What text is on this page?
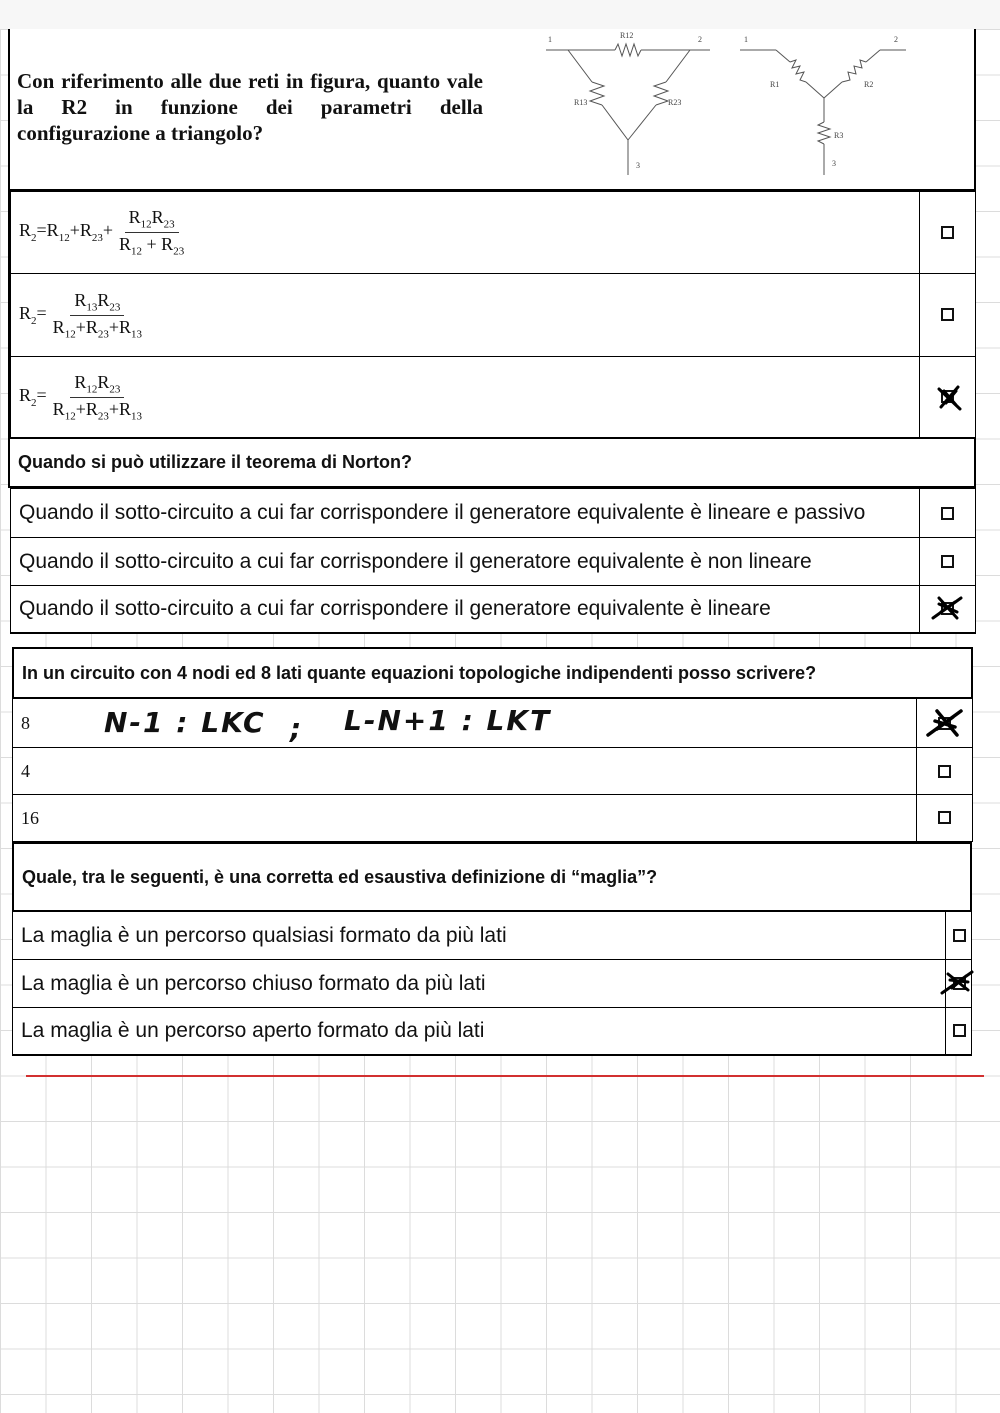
Con riferimento alle due reti in figura, quanto vale la R2 in funzione dei parametri della configurazione a triangolo?
1	2
3
R12
R13	R23
1	2
3
R1	R2
R3
$R_2=R_{12}+R_{23}+ \frac{R_{12}R_{23}}{R_{12} + R_{23}}$
$R_2= \frac{R_{13}R_{23}}{R_{12}+R_{23}+R_{13}}$
$R_2= \frac{R_{12}R_{23}}{R_{12}+R_{23}+R_{13}}$
Quando si può utilizzare il teorema di Norton?
Quando il sotto-circuito a cui far corrispondere il generatore equivalente è lineare e passivo
Quando il sotto-circuito a cui far corrispondere il generatore equivalente è non lineare
Quando il sotto-circuito a cui far corrispondere il generatore equivalente è lineare
In un circuito con 4 nodi ed 8 lati quante equazioni topologiche indipendenti posso scrivere?
8	N-1 : LKC ; L-N+1 : LKT
4
16
Quale, tra le seguenti, è una corretta ed esaustiva definizione di “maglia”?
La maglia è un percorso qualsiasi formato da più lati
La maglia è un percorso chiuso formato da più lati
La maglia è un percorso aperto formato da più lati
